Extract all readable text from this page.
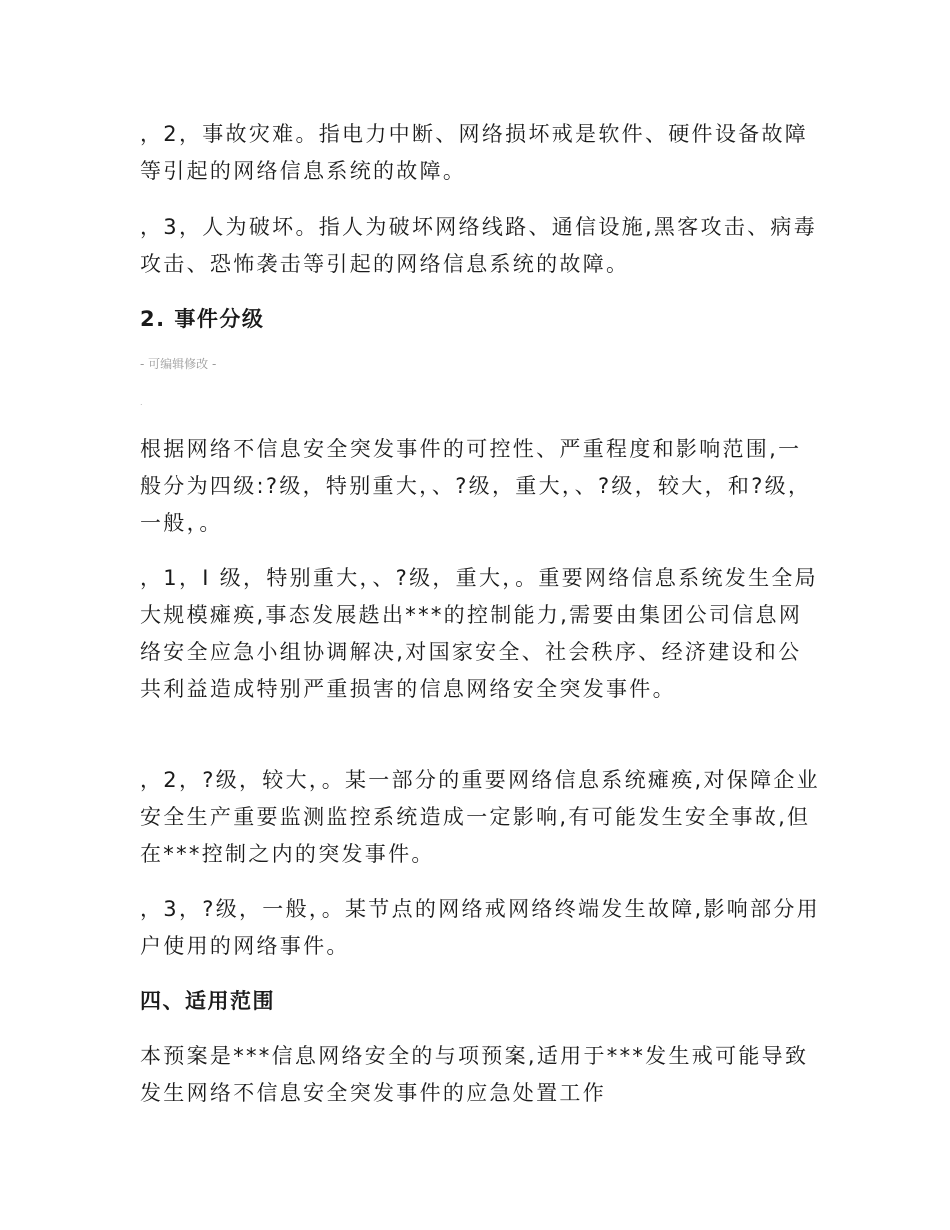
，2，事故灾难。指电力中断、网络损坏戒是软件、硬件设备故障等引起的网络信息系统的故障。

，3，人为破坏。指人为破坏网络线路、通信设施,黑客攻击、病毒攻击、恐怖袭击等引起的网络信息系统的故障。

2. 事件分级

- 可编辑修改 -

.

根据网络不信息安全突发事件的可控性、严重程度和影响范围,一般分为四级:?级，特别重大，、?级，重大，、?级，较大，和?级，一般，。

，1，I 级，特别重大，、?级，重大，。重要网络信息系统发生全局大规模瘫痪,事态发展趃出***的控制能力,需要由集团公司信息网络安全应急小组协调解决,对国家安全、社会秩序、经济建设和公共利益造成特别严重损害的信息网络安全突发事件。

，2，?级，较大，。某一部分的重要网络信息系统瘫痪,对保障企业安全生产重要监测监控系统造成一定影响,有可能发生安全事故,但在***控制之内的突发事件。

，3，?级，一般，。某节点的网络戒网络终端发生故障,影响部分用户使用的网络事件。

四、适用范围

本预案是***信息网络安全的与项预案,适用于***发生戒可能导致发生网络不信息安全突发事件的应急处置工作
